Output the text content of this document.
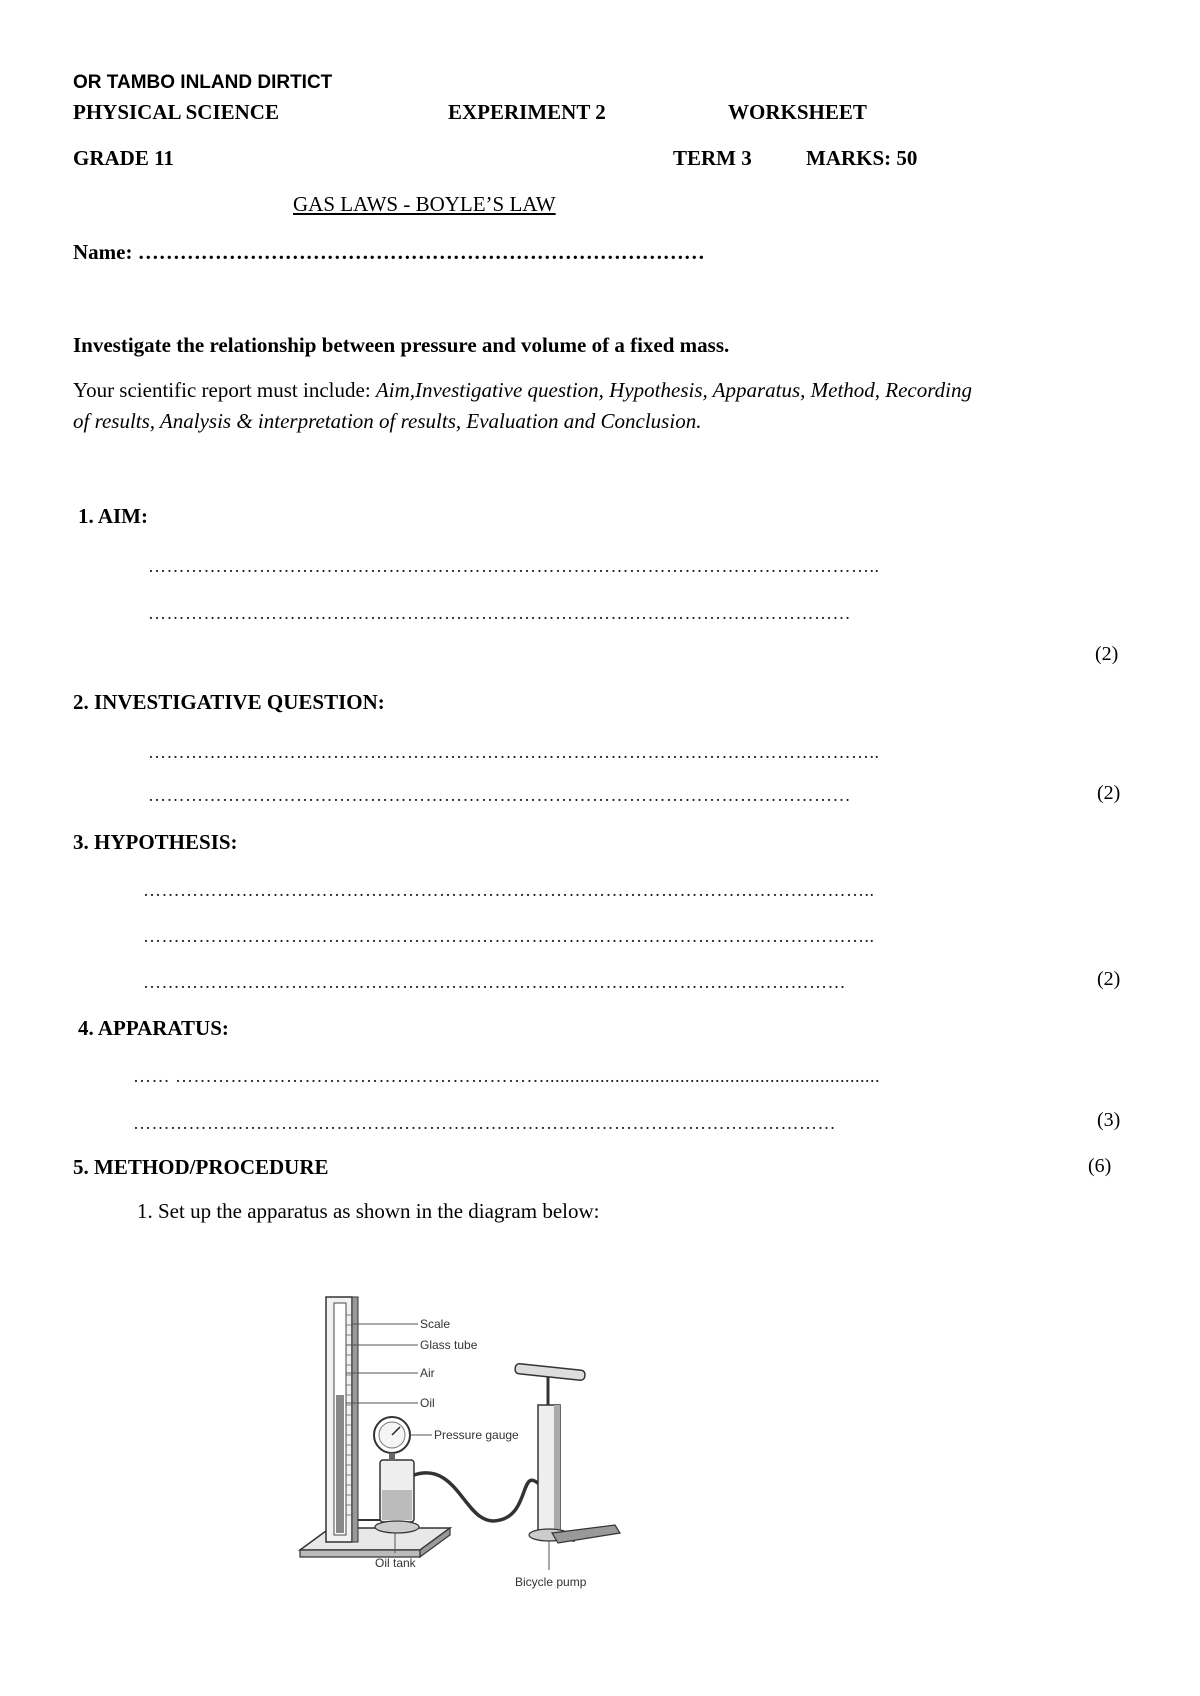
OR TAMBO INLAND DIRTICT
PHYSICAL SCIENCE	EXPERIMENT 2	WORKSHEET
GRADE 11	TERM 3	MARKS: 50
GAS LAWS - BOYLE’S LAW
Name: ………………………………………………………………………
Investigate the relationship between pressure and volume of a fixed mass.
Your scientific report must include: Aim,Investigative question, Hypothesis, Apparatus, Method, Recording
of results, Analysis & interpretation of results, Evaluation and Conclusion.
1. AIM:
………………………………………………………………………………………………………..
……………………………………………………………………………………………………
(2)
2. INVESTIGATIVE QUESTION:
………………………………………………………………………………………………………..
……………………………………………………………………………………………………	(2)
3. HYPOTHESIS:
………………………………………………………………………………………………………..
………………………………………………………………………………………………………..
……………………………………………………………………………………………………	(2)
4. APPARATUS:
…… ……………………………………………………...................................................................
……………………………………………………………………………………………………	(3)
5. METHOD/PROCEDURE	(6)
1. Set up the apparatus as shown in the diagram below:
Scale
Glass tube
Air
Oil
Pressure gauge
Oil tank
Bicycle pump
